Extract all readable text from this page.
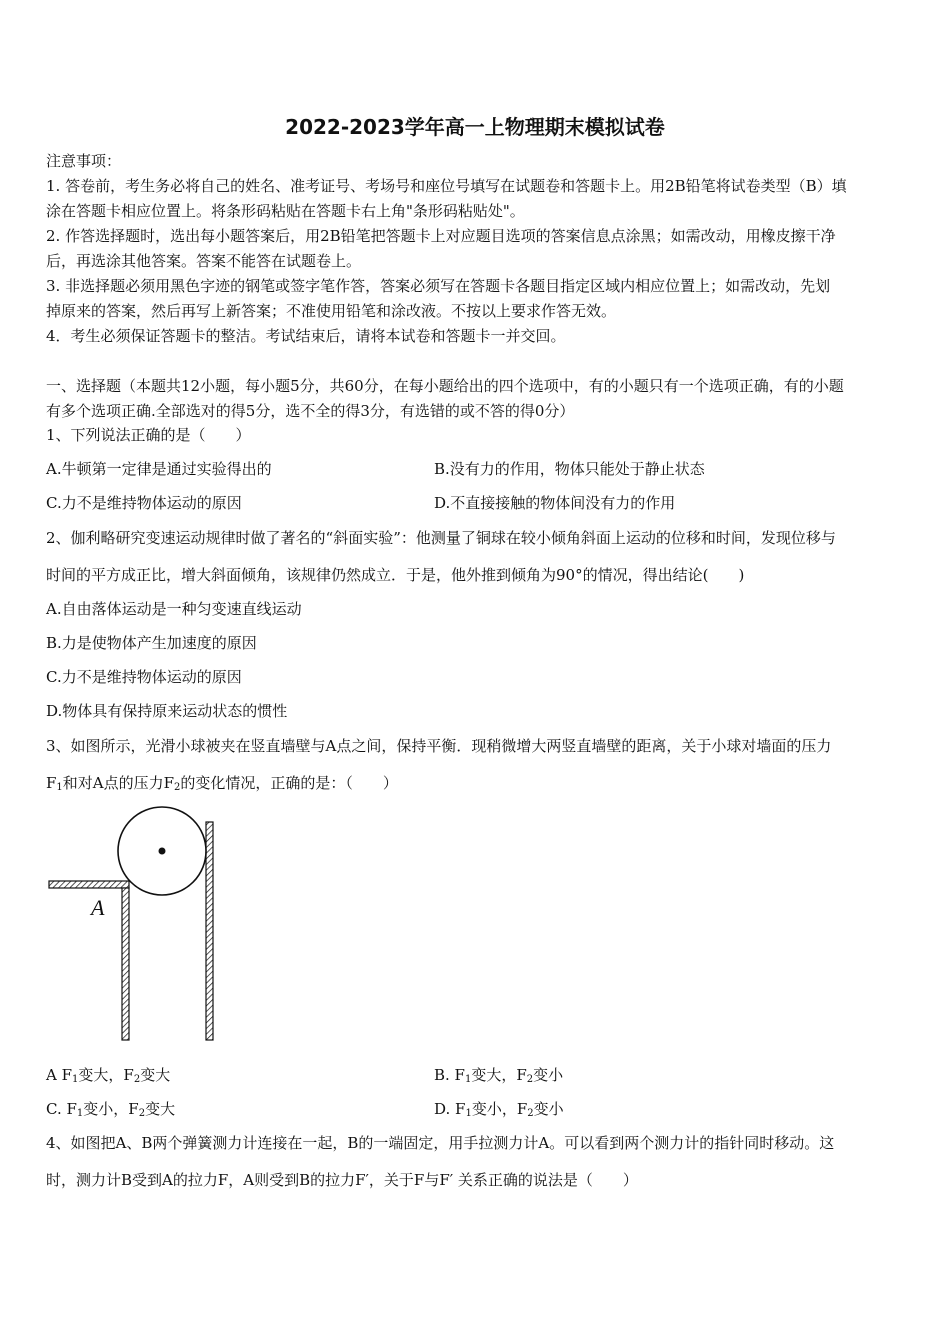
2022-2023学年高一上物理期末模拟试卷
注意事项：
1. 答卷前，考生务必将自己的姓名、准考证号、考场号和座位号填写在试题卷和答题卡上。用2B铅笔将试卷类型（B）填
涂在答题卡相应位置上。将条形码粘贴在答题卡右上角"条形码粘贴处"。
2. 作答选择题时，选出每小题答案后，用2B铅笔把答题卡上对应题目选项的答案信息点涂黑；如需改动，用橡皮擦干净
后，再选涂其他答案。答案不能答在试题卷上。
3. 非选择题必须用黑色字迹的钢笔或签字笔作答，答案必须写在答题卡各题目指定区域内相应位置上；如需改动，先划
掉原来的答案，然后再写上新答案；不准使用铅笔和涂改液。不按以上要求作答无效。
4．考生必须保证答题卡的整洁。考试结束后，请将本试卷和答题卡一并交回。
一、选择题（本题共12小题，每小题5分，共60分，在每小题给出的四个选项中，有的小题只有一个选项正确，有的小题
有多个选项正确.全部选对的得5分，选不全的得3分，有选错的或不答的得0分）
1、下列说法正确的是（　　）
A.牛顿第一定律是通过实验得出的	B.没有力的作用，物体只能处于静止状态
C.力不是维持物体运动的原因	D.不直接接触的物体间没有力的作用
2、伽利略研究变速运动规律时做了著名的“斜面实验”：他测量了铜球在较小倾角斜面上运动的位移和时间，发现位移与
时间的平方成正比，增大斜面倾角，该规律仍然成立．于是，他外推到倾角为90°的情况，得出结论(　　)
A.自由落体运动是一种匀变速直线运动
B.力是使物体产生加速度的原因
C.力不是维持物体运动的原因
D.物体具有保持原来运动状态的惯性
3、如图所示，光滑小球被夹在竖直墙壁与A点之间，保持平衡．现稍微增大两竖直墙壁的距离，关于小球对墙面的压力
$F_1$和对A点的压力$F_2$的变化情况，正确的是：（　　）
A
A $F_1$变大，$F_2$变大	B. $F_1$变大，$F_2$变小
C. $F_1$变小，$F_2$变大	D. $F_1$变小，$F_2$变小
4、如图把A、B两个弹簧测力计连接在一起，B的一端固定，用手拉测力计A。可以看到两个测力计的指针同时移动。这
时，测力计B受到A的拉力F，A则受到B的拉力F′，关于F与F′ 关系正确的说法是（　　）
